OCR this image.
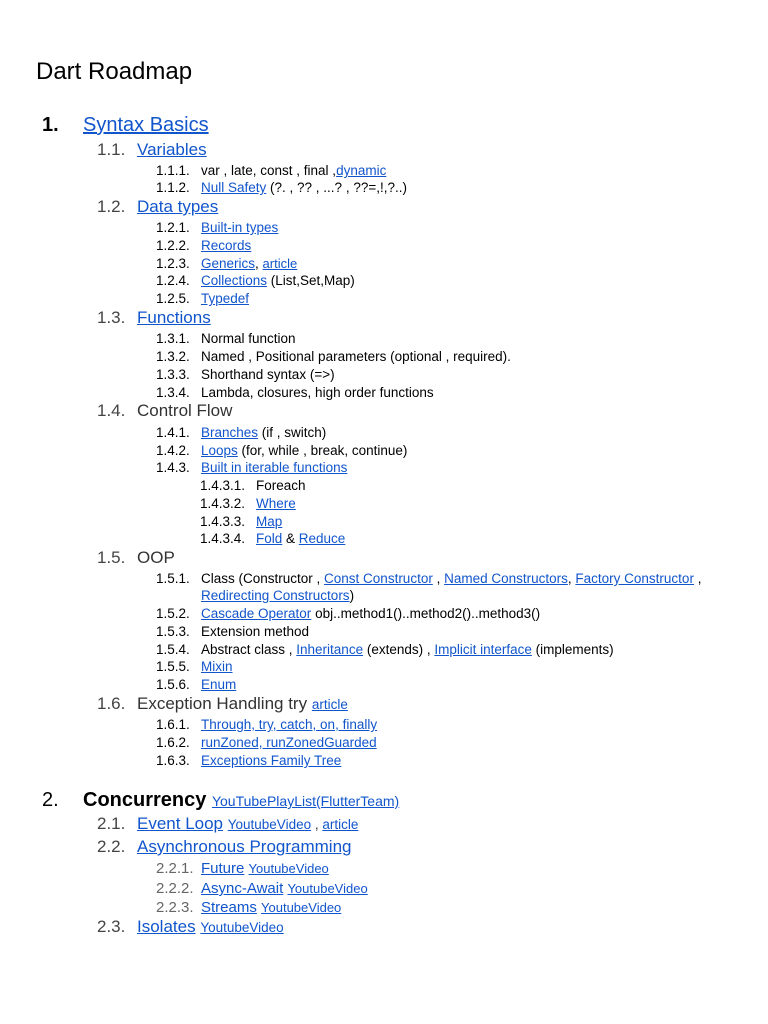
Dart Roadmap
1. Syntax Basics
1.1. Variables
1.1.1. var , late, const , final ,dynamic
1.1.2. Null Safety (?. , ?? , ...? , ??=,!,?..)
1.2. Data types
1.2.1. Built-in types
1.2.2. Records
1.2.3. Generics, article
1.2.4. Collections (List,Set,Map)
1.2.5. Typedef
1.3. Functions
1.3.1. Normal function
1.3.2. Named , Positional parameters (optional , required).
1.3.3. Shorthand syntax (=>)
1.3.4. Lambda, closures, high order functions
1.4. Control Flow
1.4.1. Branches (if , switch)
1.4.2. Loops (for, while , break, continue)
1.4.3. Built in iterable functions
1.4.3.1. Foreach
1.4.3.2. Where
1.4.3.3. Map
1.4.3.4. Fold & Reduce
1.5. OOP
1.5.1. Class (Constructor , Const Constructor , Named Constructors, Factory Constructor ,
Redirecting Constructors)
1.5.2. Cascade Operator obj..method1()..method2()..method3()
1.5.3. Extension method
1.5.4. Abstract class , Inheritance (extends) , Implicit interface (implements)
1.5.5. Mixin
1.5.6. Enum
1.6. Exception Handling try article
1.6.1. Through, try, catch, on, finally
1.6.2. runZoned, runZonedGuarded
1.6.3. Exceptions Family Tree
2. Concurrency YouTubePlayList(FlutterTeam)
2.1. Event Loop YoutubeVideo , article
2.2. Asynchronous Programming
2.2.1. Future YoutubeVideo
2.2.2. Async-Await YoutubeVideo
2.2.3. Streams YoutubeVideo
2.3. Isolates YoutubeVideo
